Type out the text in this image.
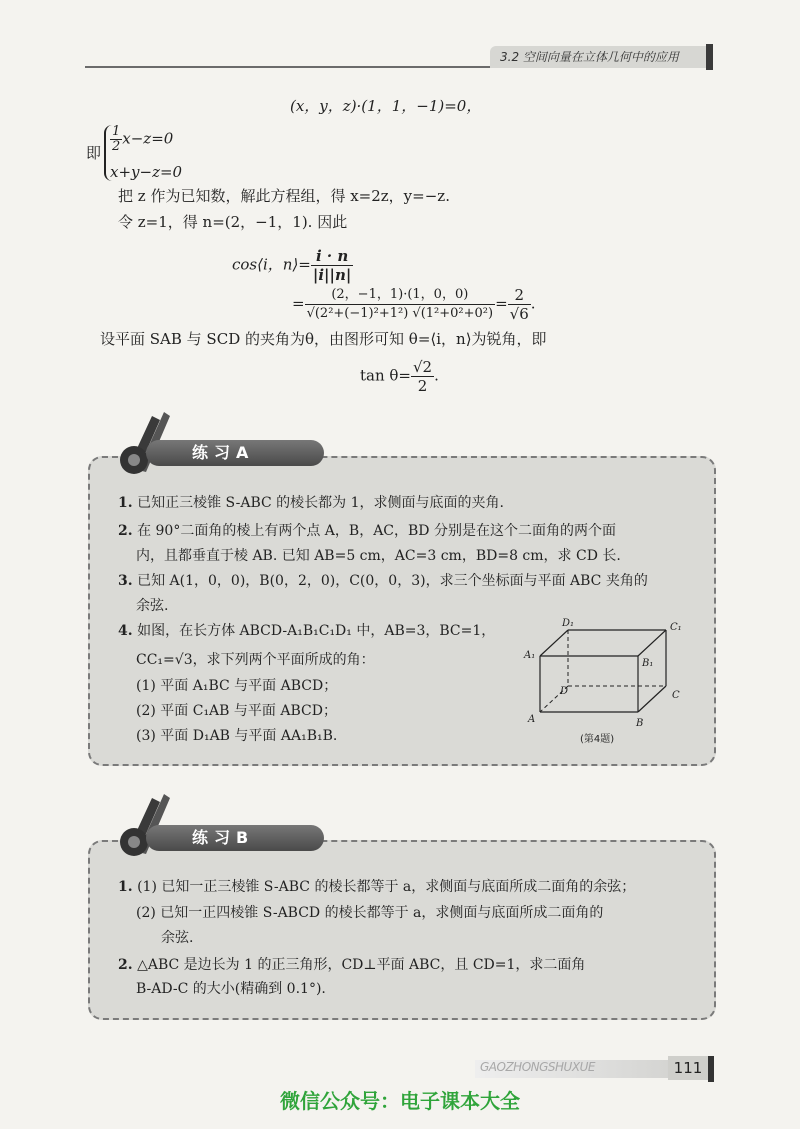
3.2 空间向量在立体几何中的应用
(x，y，z)·(1，1，−1)=0，
即 $\frac{1}{2} x-z=0$
x+y−z=0
把 z 作为已知数，解此方程组，得 x=2z，y=−z.
令 z=1，得 n=(2，−1，1). 因此
cos⟨i，n⟩= $\frac{i \cdot n}{|i||n|}$
= $\frac{(2,-1,1)\cdot(1,0,0)}{\text{√(2²+(−1)²+1²) √(1²+0²+0²)}} = \frac{2}{√6}$ .
设平面 SAB 与 SCD 的夹角为θ，由图形可知 θ=⟨i，n⟩为锐角，即
$\tan \theta= \frac{√2}{2}$ .
练习A
1. 已知正三棱锥 S-ABC 的棱长都为 1，求侧面与底面的夹角.
2. 在 90°二面角的棱上有两个点 A，B，AC，BD 分别是在这个二面角的两个面
内，且都垂直于棱 AB. 已知 AB=5 cm，AC=3 cm，BD=8 cm，求 CD 长.
3. 已知 A(1，0，0)，B(0，2，0)，C(0，0，3)，求三个坐标面与平面 ABC 夹角的
余弦.
4. 如图，在长方体 ABCD-A₁B₁C₁D₁ 中，AB=3，BC=1，
CC₁=√3，求下列两个平面所成的角：
(1) 平面 A₁BC 与平面 ABCD；
(2) 平面 C₁AB 与平面 ABCD；
(3) 平面 D₁AB 与平面 AA₁B₁B.
D₁	C₁
A₁
B₁
D	C
A	B
(第4题)
练习B
1. (1) 已知一正三棱锥 S-ABC 的棱长都等于 a，求侧面与底面所成二面角的余弦；
(2) 已知一正四棱锥 S-ABCD 的棱长都等于 a，求侧面与底面所成二面角的
余弦.
2. △ABC 是边长为 1 的正三角形，CD⊥平面 ABC，且 CD=1，求二面角
B-AD-C 的大小(精确到 0.1°).
GAOZHONGSHUXUE	111
微信公众号：电子课本大全
